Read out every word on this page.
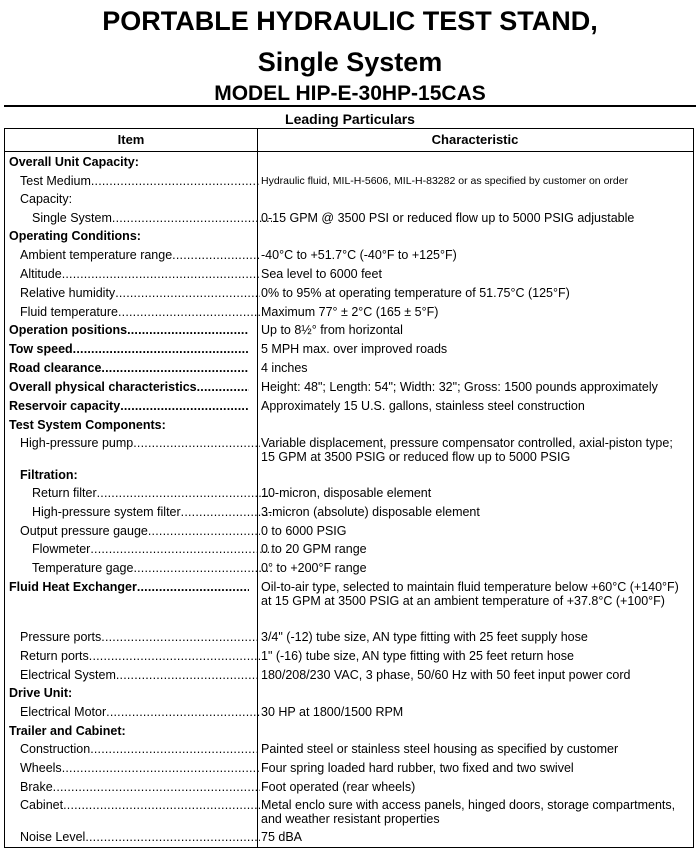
PORTABLE HYDRAULIC TEST STAND,
Single System
MODEL HIP-E-30HP-15CAS
Leading Particulars
Item	Characteristic
Overall Unit Capacity:
Test Medium .....	Hydraulic fluid, MIL-H-5606, MIL-H-83282 or as specified by customer on order
Capacity:
Single System .....	0-15 GPM @ 3500 PSI or reduced flow up to 5000 PSIG adjustable
Operating Conditions:
Ambient temperature range .....	-40°C to +51.7°C (-40°F to +125°F)
Altitude .....	Sea level to 6000 feet
Relative humidity .....	0% to 95% at operating temperature of 51.75°C (125°F)
Fluid temperature .....	Maximum 77° ± 2°C (165 ± 5°F)
Operation positions .....	Up to 8½° from horizontal
Tow speed .....	5 MPH max. over improved roads
Road clearance .....	4 inches
Overall physical characteristics .....	Height: 48"; Length: 54"; Width: 32"; Gross: 1500 pounds approximately
Reservoir capacity .....	Approximately 15 U.S. gallons, stainless steel construction
Test System Components:
High-pressure pump .....	Variable displacement, pressure compensator controlled, axial-piston type; 15 GPM at 3500 PSIG or reduced flow up to 5000 PSIG
Filtration:
Return filter .....	10-micron, disposable element
High-pressure system filter .....	3-micron (absolute) disposable element
Output pressure gauge .....	0 to 6000 PSIG
Flowmeter .....	0 to 20 GPM range
Temperature gage .....	0° to +200°F range
Fluid Heat Exchanger .....	Oil-to-air type, selected to maintain fluid temperature below +60°C (+140°F) at 15 GPM at 3500 PSIG at an ambient temperature of +37.8°C (+100°F)
Pressure ports .....	3/4" (-12) tube size, AN type fitting with 25 feet supply hose
Return ports .....	1" (-16) tube size, AN type fitting with 25 feet return hose
Electrical System .....	180/208/230 VAC, 3 phase, 50/60 Hz with 50 feet input power cord
Drive Unit:
Electrical Motor .....	30 HP at 1800/1500 RPM
Trailer and Cabinet:
Construction .....	Painted steel or stainless steel housing as specified by customer
Wheels .....	Four spring loaded hard rubber, two fixed and two swivel
Brake .....	Foot operated (rear wheels)
Cabinet .....	Metal enclo sure with access panels, hinged doors, storage compartments, and weather resistant properties
Noise Level .....	75 dBA
